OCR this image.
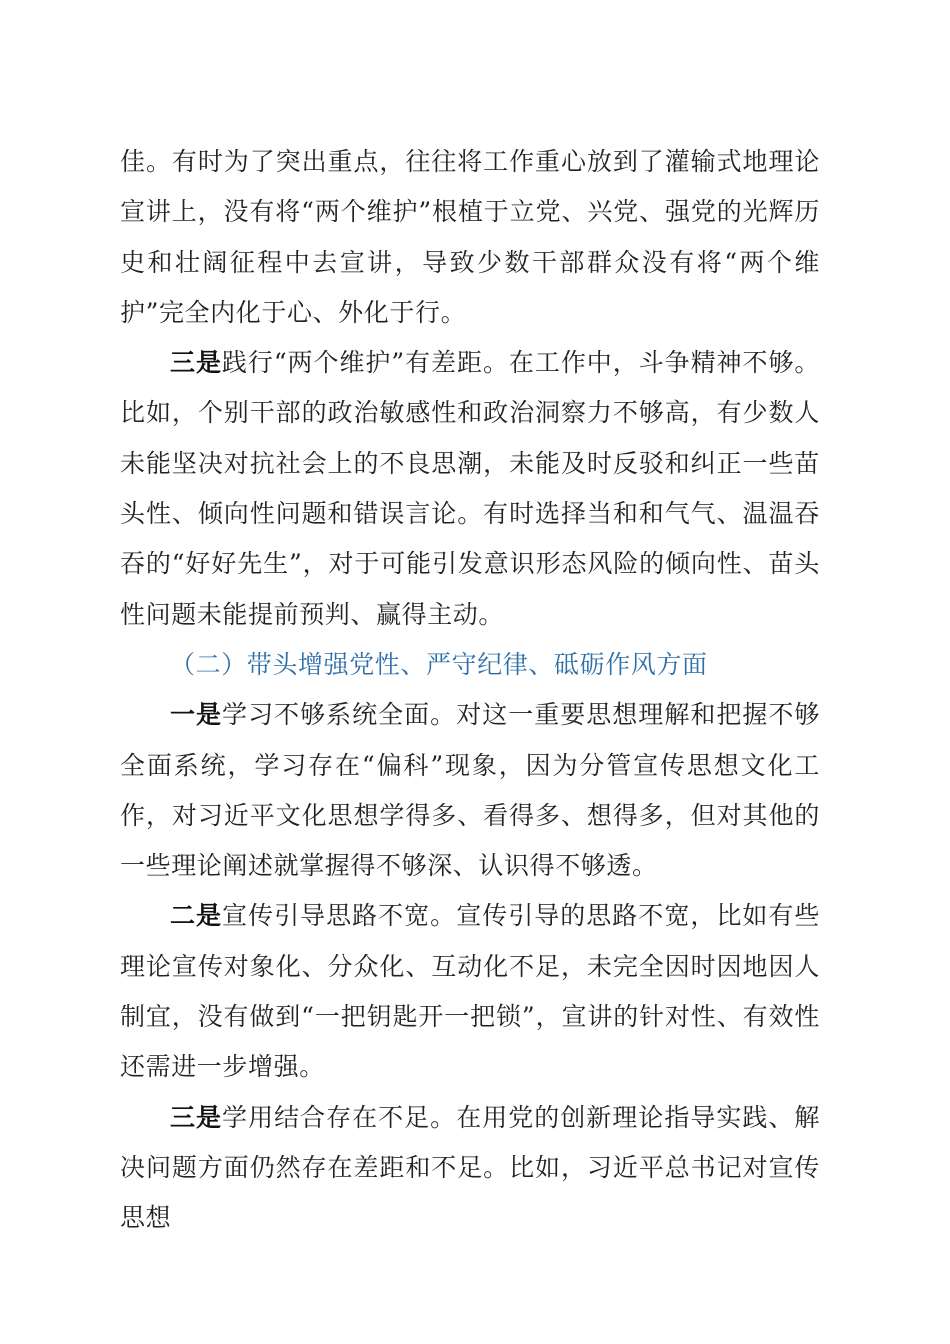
佳。有时为了突出重点，往往将工作重心放到了灌输式地理论宣讲上，没有将“两个维护”根植于立党、兴党、强党的光辉历史和壮阔征程中去宣讲，导致少数干部群众没有将“两个维护”完全内化于心、外化于行。

三是践行“两个维护”有差距。在工作中，斗争精神不够。比如，个别干部的政治敏感性和政治洞察力不够高，有少数人未能坚决对抗社会上的不良思潮，未能及时反驳和纠正一些苗头性、倾向性问题和错误言论。有时选择当和和气气、温温吞吞的“好好先生”，对于可能引发意识形态风险的倾向性、苗头性问题未能提前预判、赢得主动。

（二）带头增强党性、严守纪律、砥砺作风方面

一是学习不够系统全面。对这一重要思想理解和把握不够全面系统，学习存在“偏科”现象，因为分管宣传思想文化工作，对习近平文化思想学得多、看得多、想得多，但对其他的一些理论阐述就掌握得不够深、认识得不够透。

二是宣传引导思路不宽。宣传引导的思路不宽，比如有些理论宣传对象化、分众化、互动化不足，未完全因时因地因人制宜，没有做到“一把钥匙开一把锁”，宣讲的针对性、有效性还需进一步增强。

三是学用结合存在不足。在用党的创新理论指导实践、解决问题方面仍然存在差距和不足。比如，习近平总书记对宣传思想
